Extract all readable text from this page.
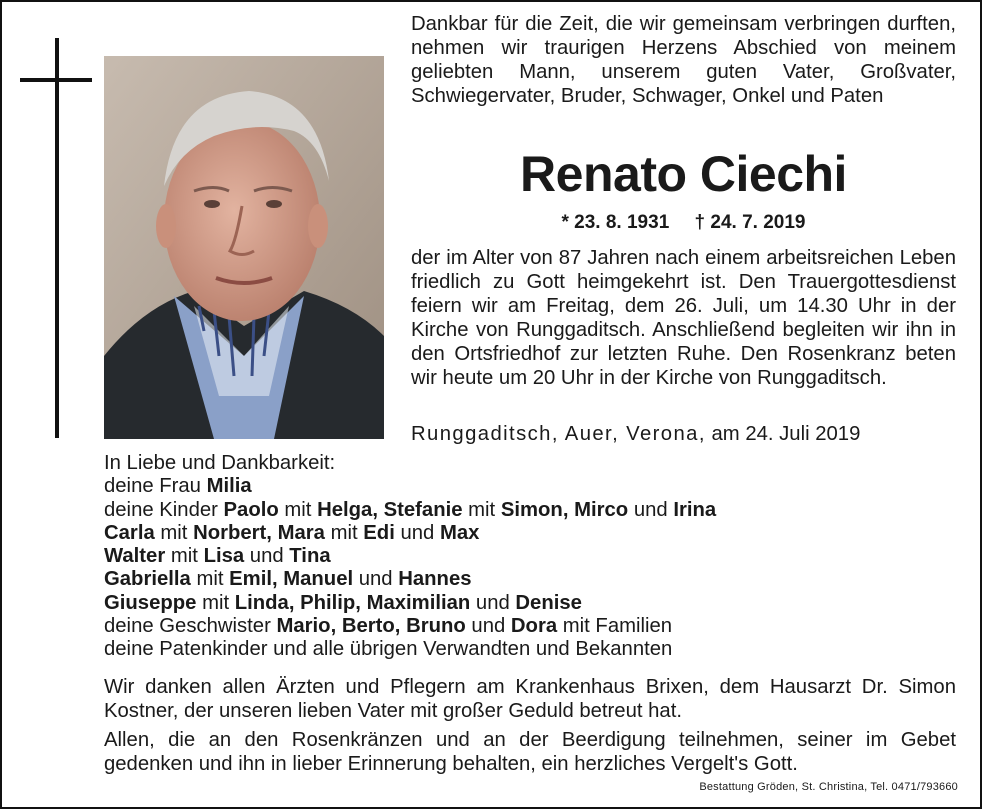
Dankbar für die Zeit, die wir gemeinsam verbringen durften, nehmen wir traurigen Herzens Abschied von meinem geliebten Mann, unserem guten Vater, Großvater, Schwiegervater, Bruder, Schwager, Onkel und Paten
Renato Ciechi
* 23. 8. 1931 † 24. 7. 2019
der im Alter von 87 Jahren nach einem arbeitsreichen Leben friedlich zu Gott heimgekehrt ist. Den Trauergottesdienst feiern wir am Freitag, dem 26. Juli, um 14.30 Uhr in der Kirche von Runggaditsch. Anschließend begleiten wir ihn in den Ortsfriedhof zur letzten Ruhe. Den Rosenkranz beten wir heute um 20 Uhr in der Kirche von Runggaditsch.
Runggaditsch, Auer, Verona, am 24. Juli 2019
In Liebe und Dankbarkeit:
deine Frau Milia
deine Kinder Paolo mit Helga, Stefanie mit Simon, Mirco und Irina
Carla mit Norbert, Mara mit Edi und Max
Walter mit Lisa und Tina
Gabriella mit Emil, Manuel und Hannes
Giuseppe mit Linda, Philip, Maximilian und Denise
deine Geschwister Mario, Berto, Bruno und Dora mit Familien
deine Patenkinder und alle übrigen Verwandten und Bekannten

Wir danken allen Ärzten und Pflegern am Krankenhaus Brixen, dem Hausarzt Dr. Simon Kostner, der unseren lieben Vater mit großer Geduld betreut hat.

Allen, die an den Rosenkränzen und an der Beerdigung teilnehmen, seiner im Gebet gedenken und ihn in lieber Erinnerung behalten, ein herzliches Vergelt's Gott.

Bestattung Gröden, St. Christina, Tel. 0471/793660
